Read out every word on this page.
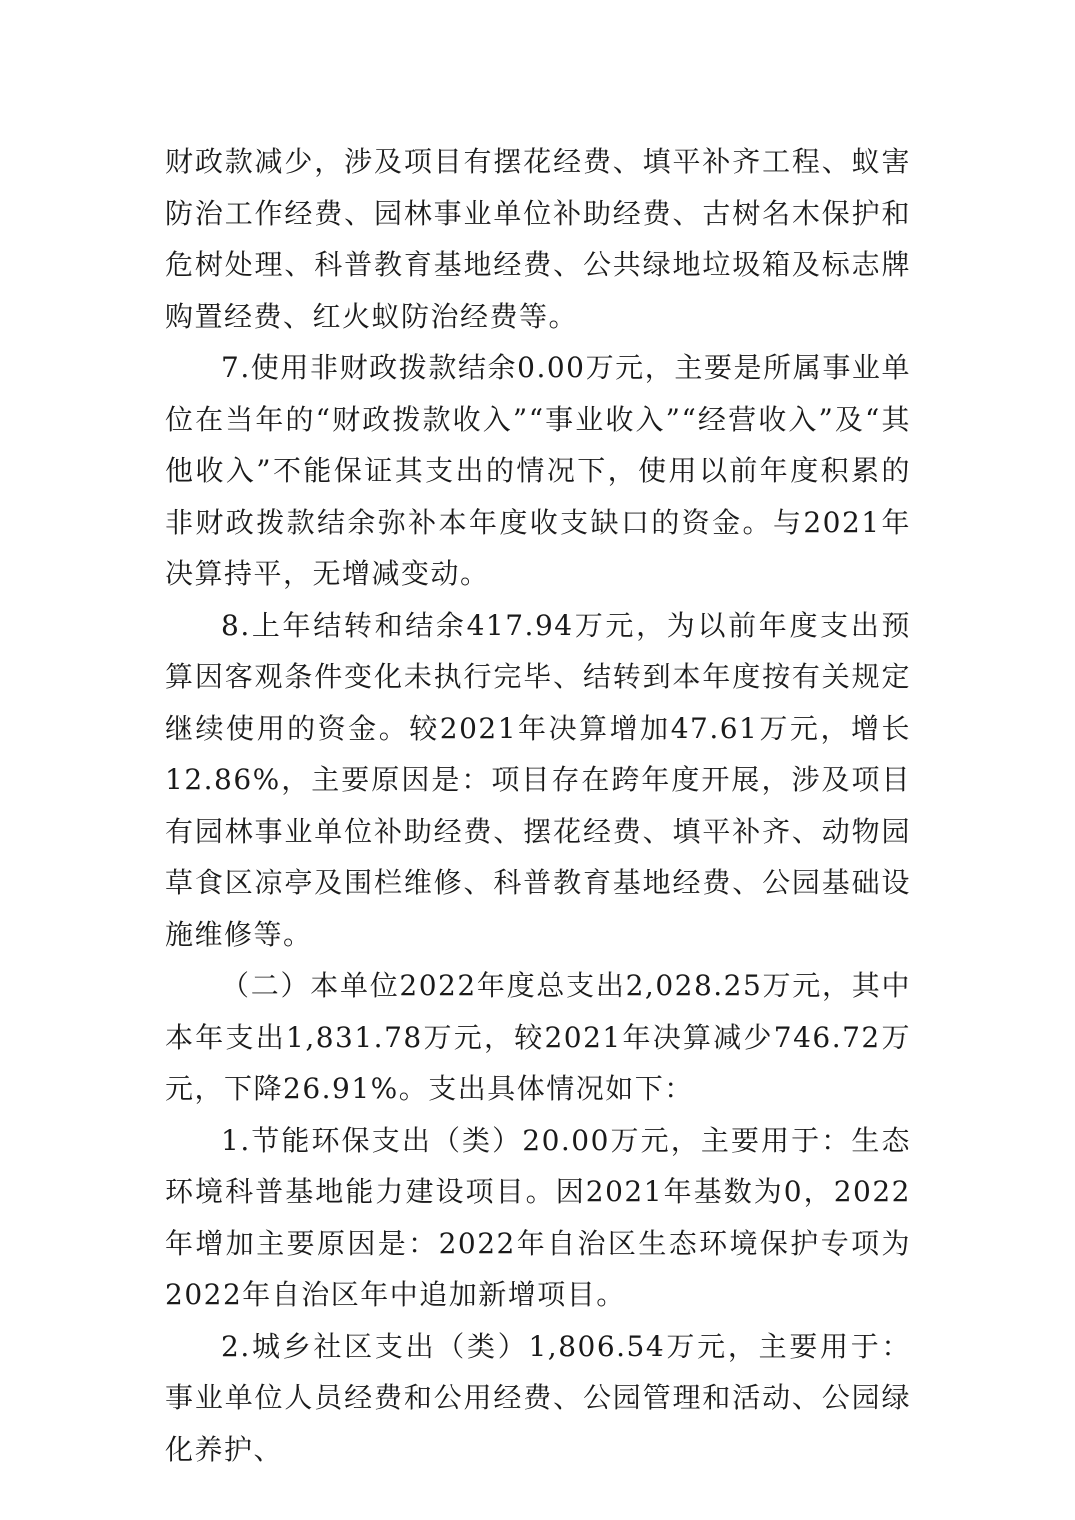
财政款减少，涉及项目有摆花经费、填平补齐工程、蚁害防治工作经费、园林事业单位补助经费、古树名木保护和危树处理、科普教育基地经费、公共绿地垃圾箱及标志牌购置经费、红火蚁防治经费等。

7.使用非财政拨款结余0.00万元，主要是所属事业单位在当年的“财政拨款收入”“事业收入”“经营收入”及“其他收入”不能保证其支出的情况下，使用以前年度积累的非财政拨款结余弥补本年度收支缺口的资金。与2021年决算持平，无增减变动。

8.上年结转和结余417.94万元，为以前年度支出预算因客观条件变化未执行完毕、结转到本年度按有关规定继续使用的资金。较2021年决算增加47.61万元，增长12.86%，主要原因是：项目存在跨年度开展，涉及项目有园林事业单位补助经费、摆花经费、填平补齐、动物园草食区凉亭及围栏维修、科普教育基地经费、公园基础设施维修等。

（二）本单位2022年度总支出2,028.25万元，其中本年支出1,831.78万元，较2021年决算减少746.72万元，下降26.91%。支出具体情况如下：

1.节能环保支出（类）20.00万元，主要用于：生态环境科普基地能力建设项目。因2021年基数为0，2022年增加主要原因是：2022年自治区生态环境保护专项为2022年自治区年中追加新增项目。

2.城乡社区支出（类）1,806.54万元，主要用于：事业单位人员经费和公用经费、公园管理和活动、公园绿化养护、
